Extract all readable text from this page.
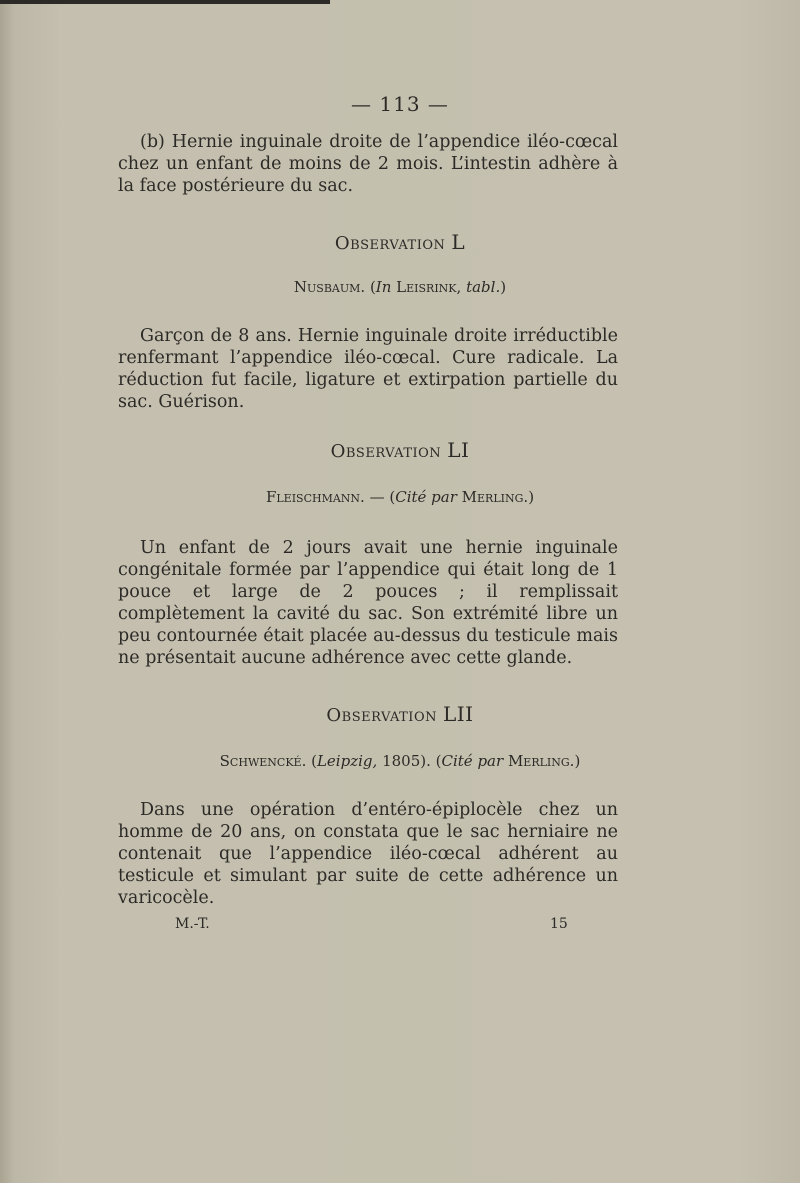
— 113 —
(b) Hernie inguinale droite de l’appendice iléo-cœcal chez un enfant de moins de 2 mois. L’intestin adhère à la face postérieure du sac.
Observation L
Nusbaum. (In Leisrink, tabl.)
Garçon de 8 ans. Hernie inguinale droite irréductible renfermant l’appendice iléo-cœcal. Cure radicale. La réduction fut facile, ligature et extirpation partielle du sac. Guérison.
Observation LI
Fleischmann. — (Cité par Merling.)
Un enfant de 2 jours avait une hernie inguinale congénitale formée par l’appendice qui était long de 1 pouce et large de 2 pouces ; il remplissait complètement la cavité du sac. Son extrémité libre un peu contournée était placée au-dessus du testicule mais ne présentait aucune adhérence avec cette glande.
Observation LII
Schwencké. (Leipzig, 1805). (Cité par Merling.)
Dans une opération d’entéro-épiplocèle chez un homme de 20 ans, on constata que le sac herniaire ne contenait que l’appendice iléo-cœcal adhérent au testicule et simulant par suite de cette adhérence un varicocèle.
M.-T.	15
